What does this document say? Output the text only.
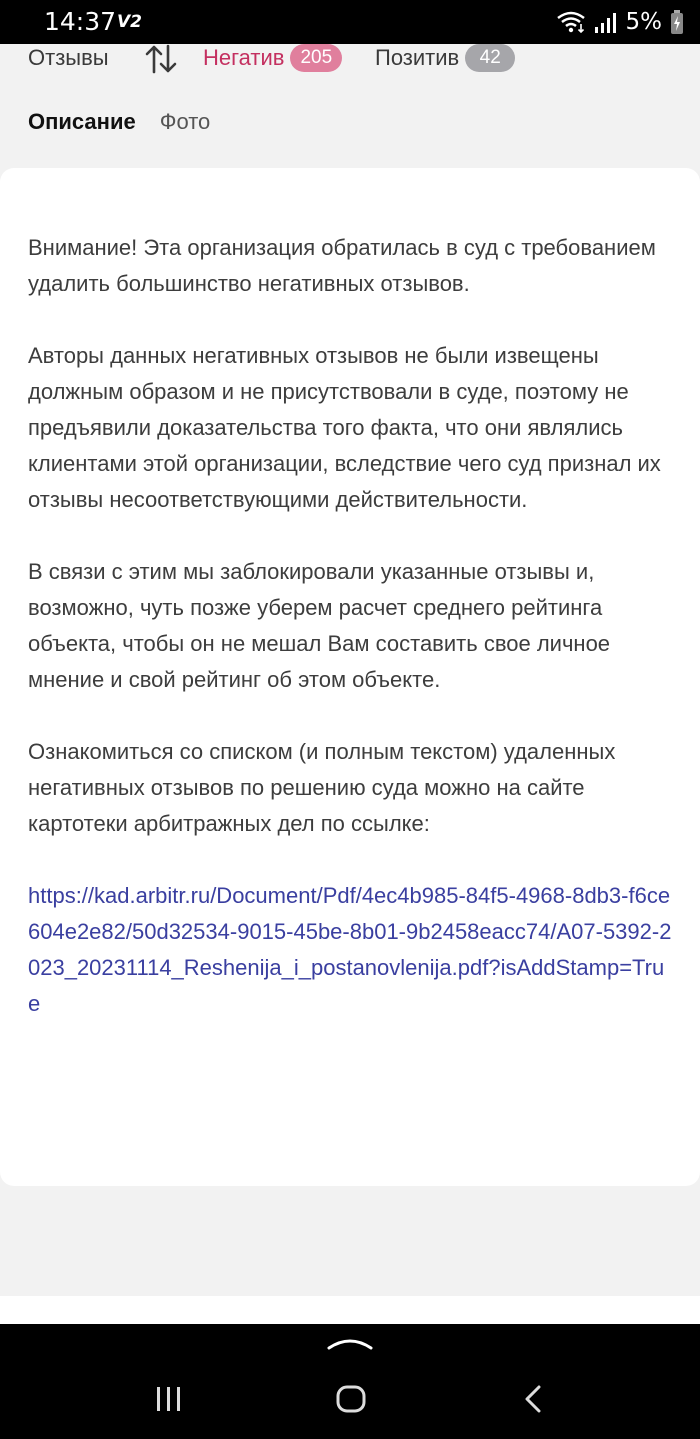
14:37 V2	5%
Отзывы	Негатив 205	Позитив	42
Описание Фото

Внимание! Эта организация обратилась в суд с требованием удалить большинство негативных отзывов.

Авторы данных негативных отзывов не были извещены должным образом и не присутствовали в суде, поэтому не предъявили доказательства того факта, что они являлись клиентами этой организации, вследствие чего суд признал их отзывы несоответствующими действительности.

В связи с этим мы заблокировали указанные отзывы и, возможно, чуть позже уберем расчет среднего рейтинга объекта, чтобы он не мешал Вам составить свое личное мнение и свой рейтинг об этом объекте.

Ознакомиться со списком (и полным текстом) удаленных негативных отзывов по решению суда можно на сайте картотеки арбитражных дел по ссылке:

https://kad.arbitr.ru/Document/Pdf/4ec4b985-84f5-4968-8db3-f6ce604e2e82/50d32534-9015-45be-8b01-9b2458eacc74/A07-5392-2023_20231114_Reshenija_i_postanovlenija.pdf?isAddStamp=True
